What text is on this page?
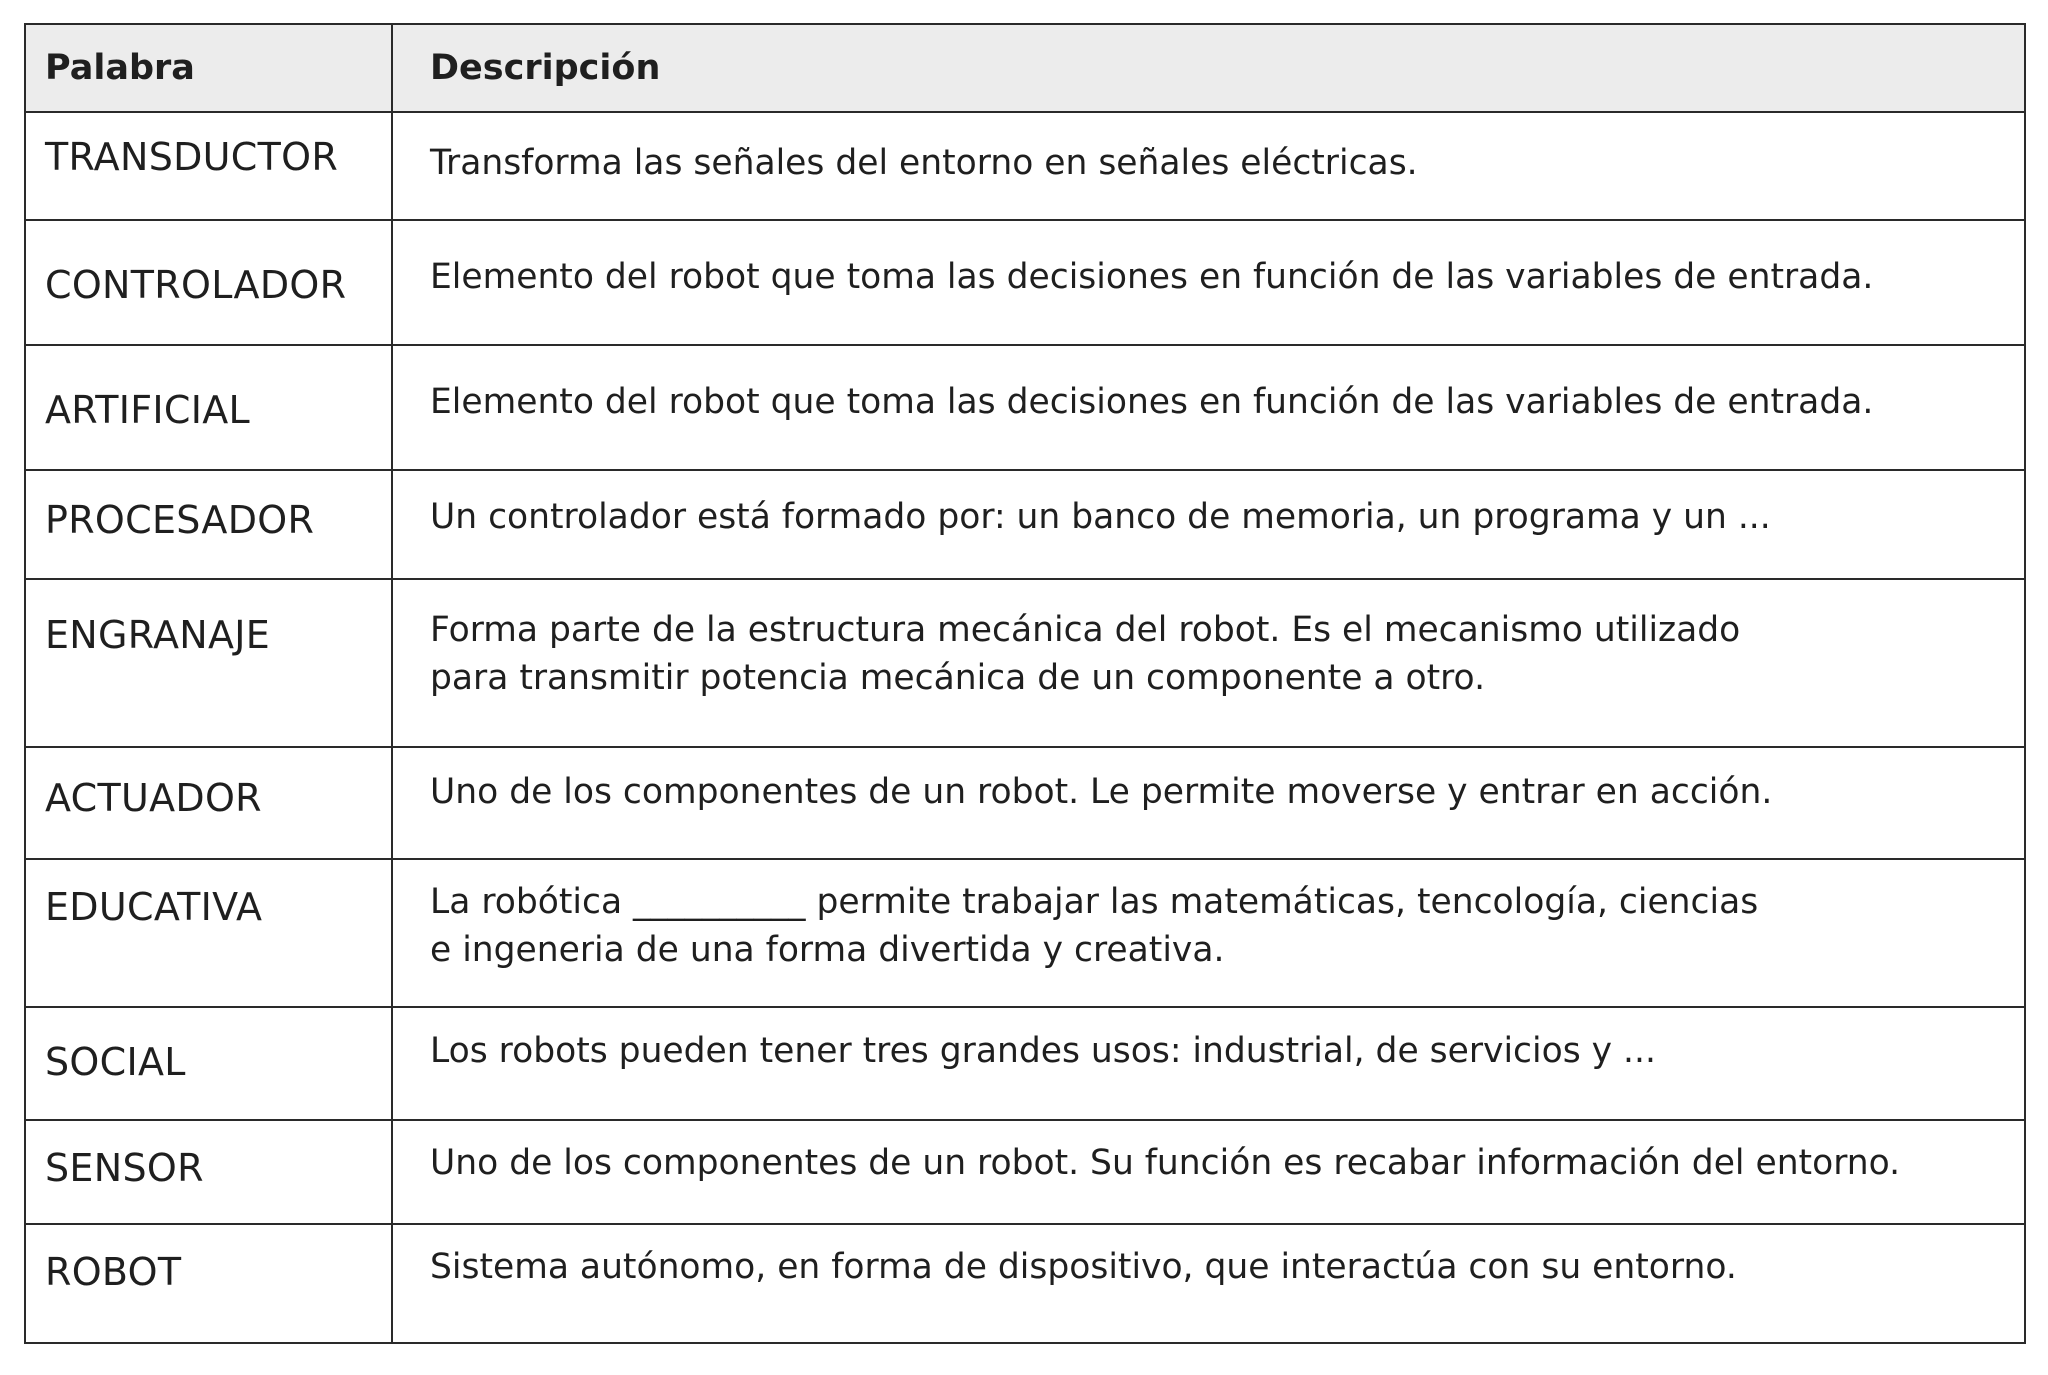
Palabra	Descripción
TRANSDUCTOR	Transforma las señales del entorno en señales eléctricas.
CONTROLADOR	Elemento del robot que toma las decisiones en función de las variables de entrada.
ARTIFICIAL	Elemento del robot que toma las decisiones en función de las variables de entrada.
PROCESADOR	Un controlador está formado por: un banco de memoria, un programa y un ...
ENGRANAJE	Forma parte de la estructura mecánica del robot. Es el mecanismo utilizado
para transmitir potencia mecánica de un componente a otro.
ACTUADOR	Uno de los componentes de un robot. Le permite moverse y entrar en acción.
EDUCATIVA	La robótica __________ permite trabajar las matemáticas, tencología, ciencias
e ingeneria de una forma divertida y creativa.
SOCIAL	Los robots pueden tener tres grandes usos: industrial, de servicios y ...
SENSOR	Uno de los componentes de un robot. Su función es recabar información del entorno.
ROBOT	Sistema autónomo, en forma de dispositivo, que interactúa con su entorno.
